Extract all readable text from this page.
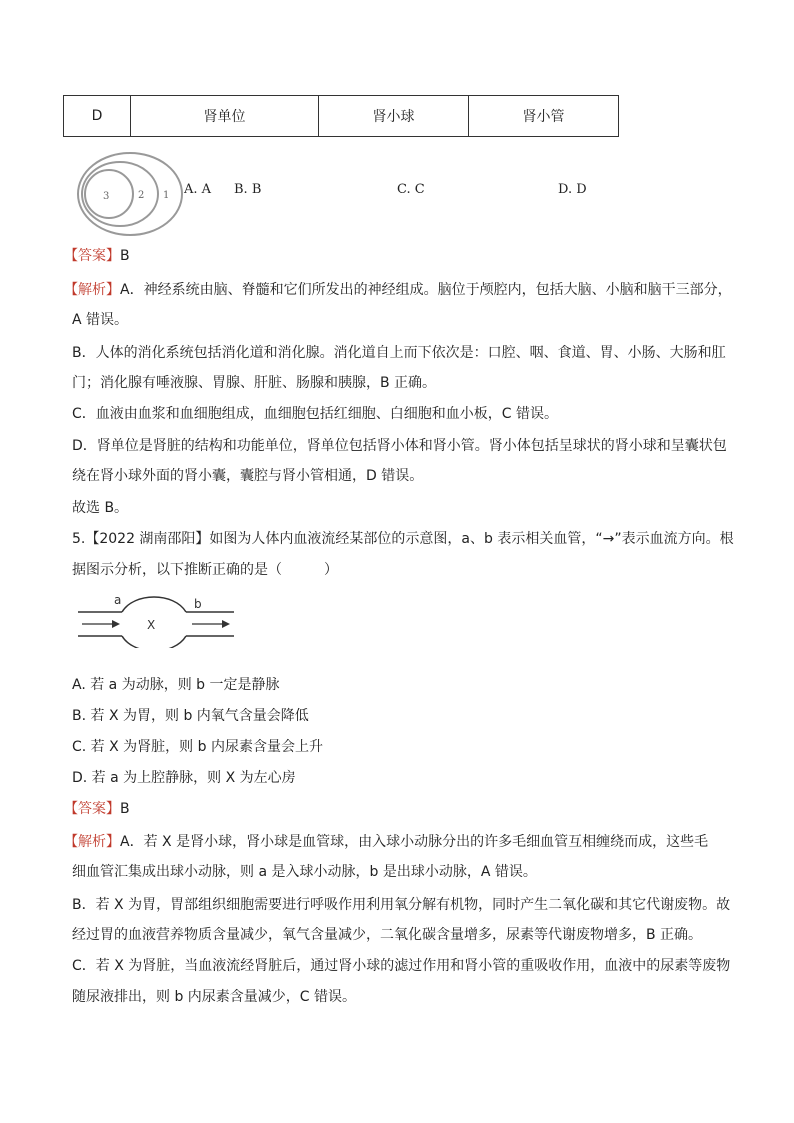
D	肾单位	肾小球	肾小管
3	2 1 A. A B. B	C. C	D. D
【答案】B
【解析】A．神经系统由脑、脊髓和它们所发出的神经组成。脑位于颅腔内，包括大脑、小脑和脑干三部分，
A 错误。
B．人体的消化系统包括消化道和消化腺。消化道自上而下依次是：口腔、咽、食道、胃、小肠、大肠和肛
门；消化腺有唾液腺、胃腺、肝脏、肠腺和胰腺，B 正确。
C．血液由血浆和血细胞组成，血细胞包括红细胞、白细胞和血小板，C 错误。
D．肾单位是肾脏的结构和功能单位，肾单位包括肾小体和肾小管。肾小体包括呈球状的肾小球和呈囊状包
绕在肾小球外面的肾小囊，囊腔与肾小管相通，D 错误。
故选 B。
5.【2022 湖南邵阳】如图为人体内血液流经某部位的示意图，a、b 表示相关血管，“→”表示血流方向。根
据图示分析，以下推断正确的是（　　　）
a	b
X
A. 若 a 为动脉，则 b 一定是静脉
B. 若 X 为胃，则 b 内氧气含量会降低
C. 若 X 为肾脏，则 b 内尿素含量会上升
D. 若 a 为上腔静脉，则 X 为左心房
【答案】B
【解析】A．若 X 是肾小球，肾小球是血管球，由入球小动脉分出的许多毛细血管互相缠绕而成，这些毛
细血管汇集成出球小动脉，则 a 是入球小动脉，b 是出球小动脉，A 错误。
B．若 X 为胃，胃部组织细胞需要进行呼吸作用利用氧分解有机物，同时产生二氧化碳和其它代谢废物。故
经过胃的血液营养物质含量减少，氧气含量减少，二氧化碳含量增多，尿素等代谢废物增多，B 正确。
C．若 X 为肾脏，当血液流经肾脏后，通过肾小球的滤过作用和肾小管的重吸收作用，血液中的尿素等废物
随尿液排出，则 b 内尿素含量减少，C 错误。
